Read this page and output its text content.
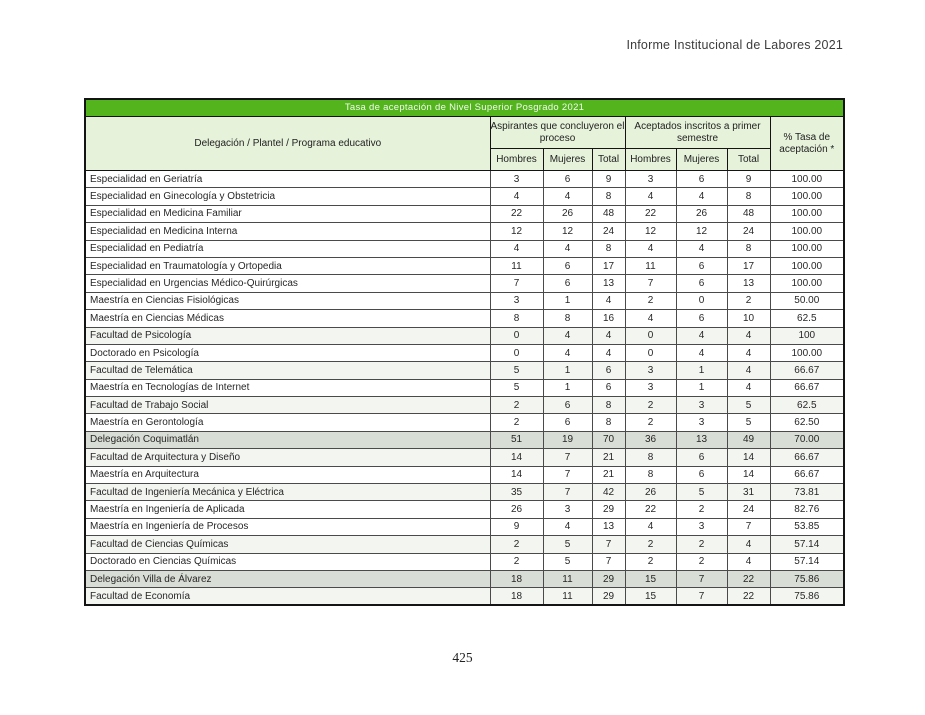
Informe Institucional de Labores 2021
Tasa de aceptación de Nivel Superior Posgrado 2021							
Delegación / Plantel / Programa educativo	Aspirantes que concluyeron el proceso			Aceptados inscritos a primer semestre			% Tasa de aceptación *
	Hombres	Mujeres	Total	Hombres	Mujeres	Total	
Especialidad en Geriatría	3	6	9	3	6	9	100.00
Especialidad en Ginecología y Obstetricia	4	4	8	4	4	8	100.00
Especialidad en Medicina Familiar	22	26	48	22	26	48	100.00
Especialidad en Medicina Interna	12	12	24	12	12	24	100.00
Especialidad en Pediatría	4	4	8	4	4	8	100.00
Especialidad en Traumatología y Ortopedia	11	6	17	11	6	17	100.00
Especialidad en Urgencias Médico-Quirúrgicas	7	6	13	7	6	13	100.00
Maestría en Ciencias Fisiológicas	3	1	4	2	0	2	50.00
Maestría en Ciencias Médicas	8	8	16	4	6	10	62.5
Facultad de Psicología	0	4	4	0	4	4	100
Doctorado en Psicología	0	4	4	0	4	4	100.00
Facultad de Telemática	5	1	6	3	1	4	66.67
Maestría en Tecnologías de Internet	5	1	6	3	1	4	66.67
Facultad de Trabajo Social	2	6	8	2	3	5	62.5
Maestría en Gerontología	2	6	8	2	3	5	62.50
Delegación Coquimatlán	51	19	70	36	13	49	70.00
Facultad de Arquitectura y Diseño	14	7	21	8	6	14	66.67
Maestría en Arquitectura	14	7	21	8	6	14	66.67
Facultad de Ingeniería Mecánica y Eléctrica	35	7	42	26	5	31	73.81
Maestría en Ingeniería de Aplicada	26	3	29	22	2	24	82.76
Maestría en Ingeniería de Procesos	9	4	13	4	3	7	53.85
Facultad de Ciencias Químicas	2	5	7	2	2	4	57.14
Doctorado en Ciencias Químicas	2	5	7	2	2	4	57.14
Delegación Villa de Álvarez	18	11	29	15	7	22	75.86
Facultad de Economía	18	11	29	15	7	22	75.86
425
